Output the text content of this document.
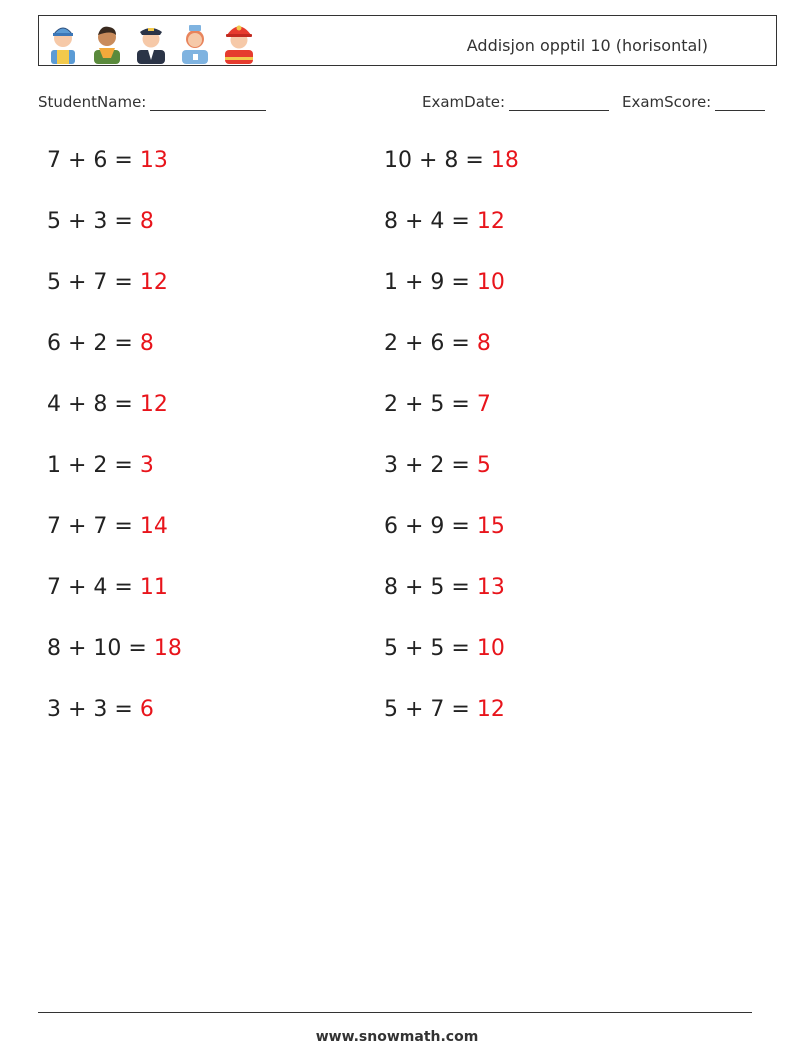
Addisjon opptil 10 (horisontal)
StudentName:	ExamDate:	ExamScore:
7 + 6 = 13
5 + 3 = 8
5 + 7 = 12
6 + 2 = 8
4 + 8 = 12
1 + 2 = 3
7 + 7 = 14
7 + 4 = 11
8 + 10 = 18
3 + 3 = 6
10 + 8 = 18
8 + 4 = 12
1 + 9 = 10
2 + 6 = 8
2 + 5 = 7
3 + 2 = 5
6 + 9 = 15
8 + 5 = 13
5 + 5 = 10
5 + 7 = 12
www.snowmath.com
